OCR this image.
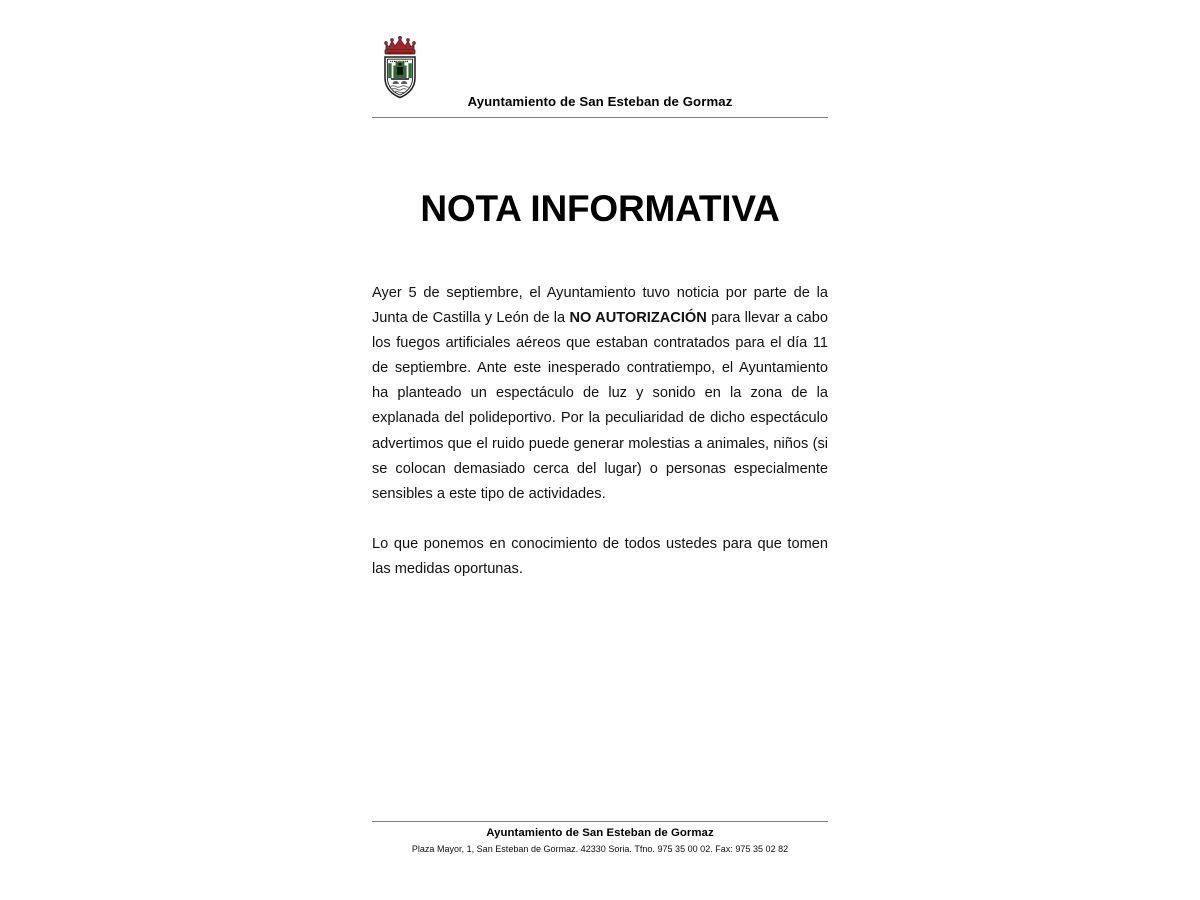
Ayuntamiento de San Esteban de Gormaz
NOTA INFORMATIVA

Ayer 5 de septiembre, el Ayuntamiento tuvo noticia por parte de la Junta de Castilla y León de la NO AUTORIZACIÓN para llevar a cabo los fuegos artificiales aéreos que estaban contratados para el día 11 de septiembre. Ante este inesperado contratiempo, el Ayuntamiento ha planteado un espectáculo de luz y sonido en la zona de la explanada del polideportivo. Por la peculiaridad de dicho espectáculo advertimos que el ruido puede generar molestias a animales, niños (si se colocan demasiado cerca del lugar) o personas especialmente sensibles a este tipo de actividades.

Lo que ponemos en conocimiento de todos ustedes para que tomen las medidas oportunas.

Ayuntamiento de San Esteban de Gormaz
Plaza Mayor, 1, San Esteban de Gormaz. 42330 Soria. Tfno. 975 35 00 02. Fax: 975 35 02 82
